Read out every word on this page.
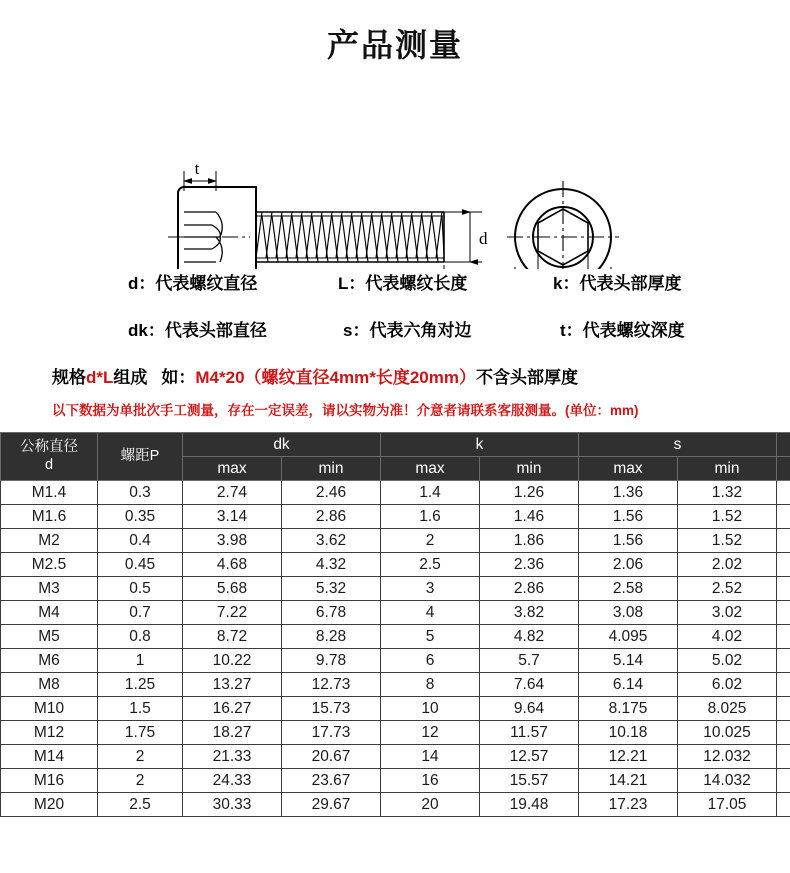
产品测量
t
d
d：代表螺纹直径	L：代表螺纹长度	k：代表头部厚度
dk：代表头部直径	s：代表六角对边	t：代表螺纹深度
规格d*L组成 如：M4*20（螺纹直径4mm*长度20mm）不含头部厚度
以下数据为单批次手工测量，存在一定误差，请以实物为准！介意者请联系客服测量。(单位：mm)
公称直径
d	螺距P	dk		k		s	
		max	min	max	min	max	min	
M1.4	0.3	2.74	2.46	1.4	1.26	1.36	1.32	
M1.6	0.35	3.14	2.86	1.6	1.46	1.56	1.52	
M2	0.4	3.98	3.62	2	1.86	1.56	1.52	
M2.5	0.45	4.68	4.32	2.5	2.36	2.06	2.02	
M3	0.5	5.68	5.32	3	2.86	2.58	2.52	
M4	0.7	7.22	6.78	4	3.82	3.08	3.02	
M5	0.8	8.72	8.28	5	4.82	4.095	4.02	
M6	1	10.22	9.78	6	5.7	5.14	5.02	
M8	1.25	13.27	12.73	8	7.64	6.14	6.02	
M10	1.5	16.27	15.73	10	9.64	8.175	8.025	
M12	1.75	18.27	17.73	12	11.57	10.18	10.025	
M14	2	21.33	20.67	14	12.57	12.21	12.032	
M16	2	24.33	23.67	16	15.57	14.21	14.032	
M20	2.5	30.33	29.67	20	19.48	17.23	17.05	
